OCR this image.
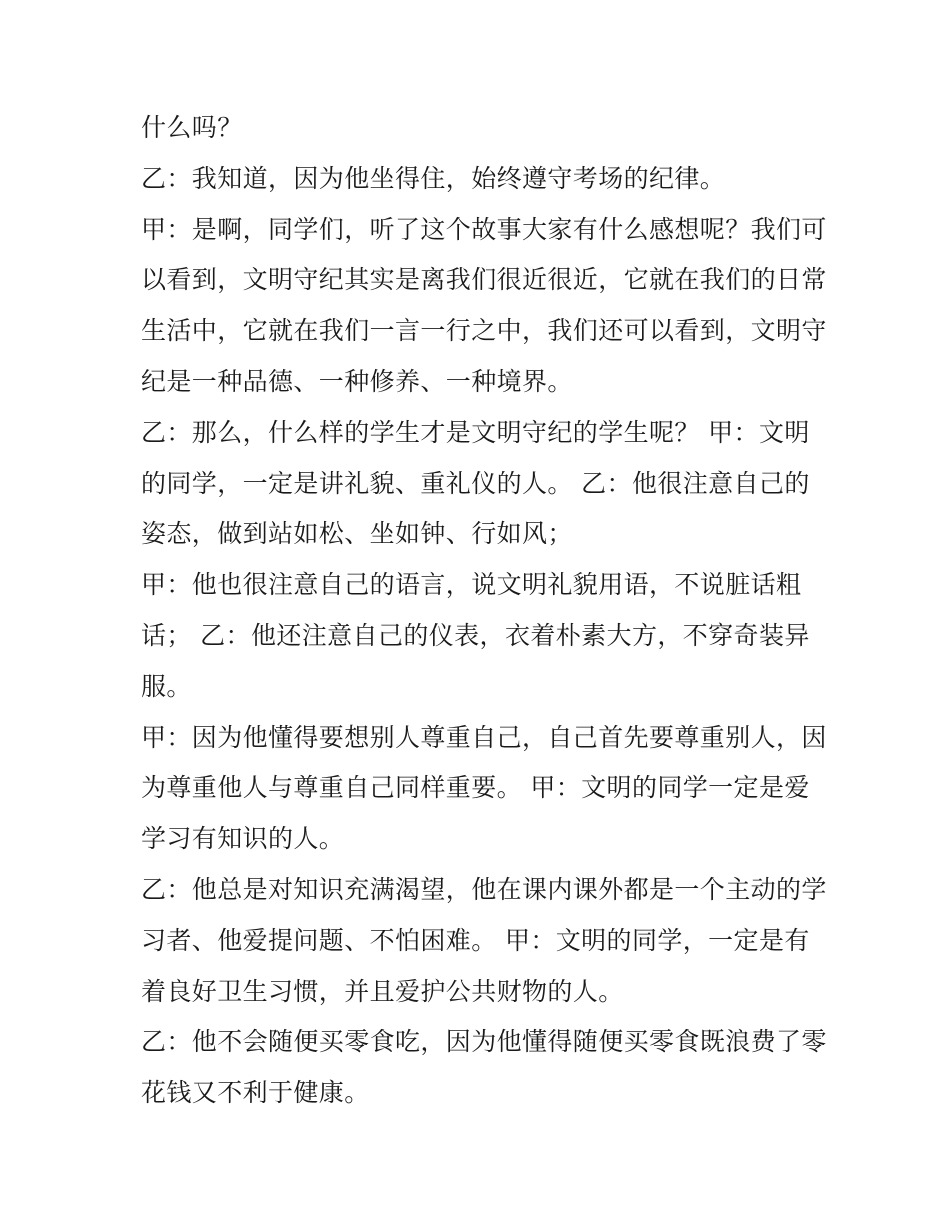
什么吗？
乙：我知道，因为他坐得住，始终遵守考场的纪律。
甲：是啊，同学们，听了这个故事大家有什么感想呢？我们可
以看到，文明守纪其实是离我们很近很近，它就在我们的日常
生活中，它就在我们一言一行之中，我们还可以看到，文明守
纪是一种品德、一种修养、一种境界。
乙：那么，什么样的学生才是文明守纪的学生呢？ 甲：文明
的同学，一定是讲礼貌、重礼仪的人。 乙：他很注意自己的
姿态，做到站如松、坐如钟、行如风；
甲：他也很注意自己的语言，说文明礼貌用语，不说脏话粗
话； 乙：他还注意自己的仪表，衣着朴素大方，不穿奇装异
服。
甲：因为他懂得要想别人尊重自己，自己首先要尊重别人，因
为尊重他人与尊重自己同样重要。 甲：文明的同学一定是爱
学习有知识的人。
乙：他总是对知识充满渴望，他在课内课外都是一个主动的学
习者、他爱提问题、不怕困难。 甲：文明的同学，一定是有
着良好卫生习惯，并且爱护公共财物的人。
乙：他不会随便买零食吃，因为他懂得随便买零食既浪费了零
花钱又不利于健康。
